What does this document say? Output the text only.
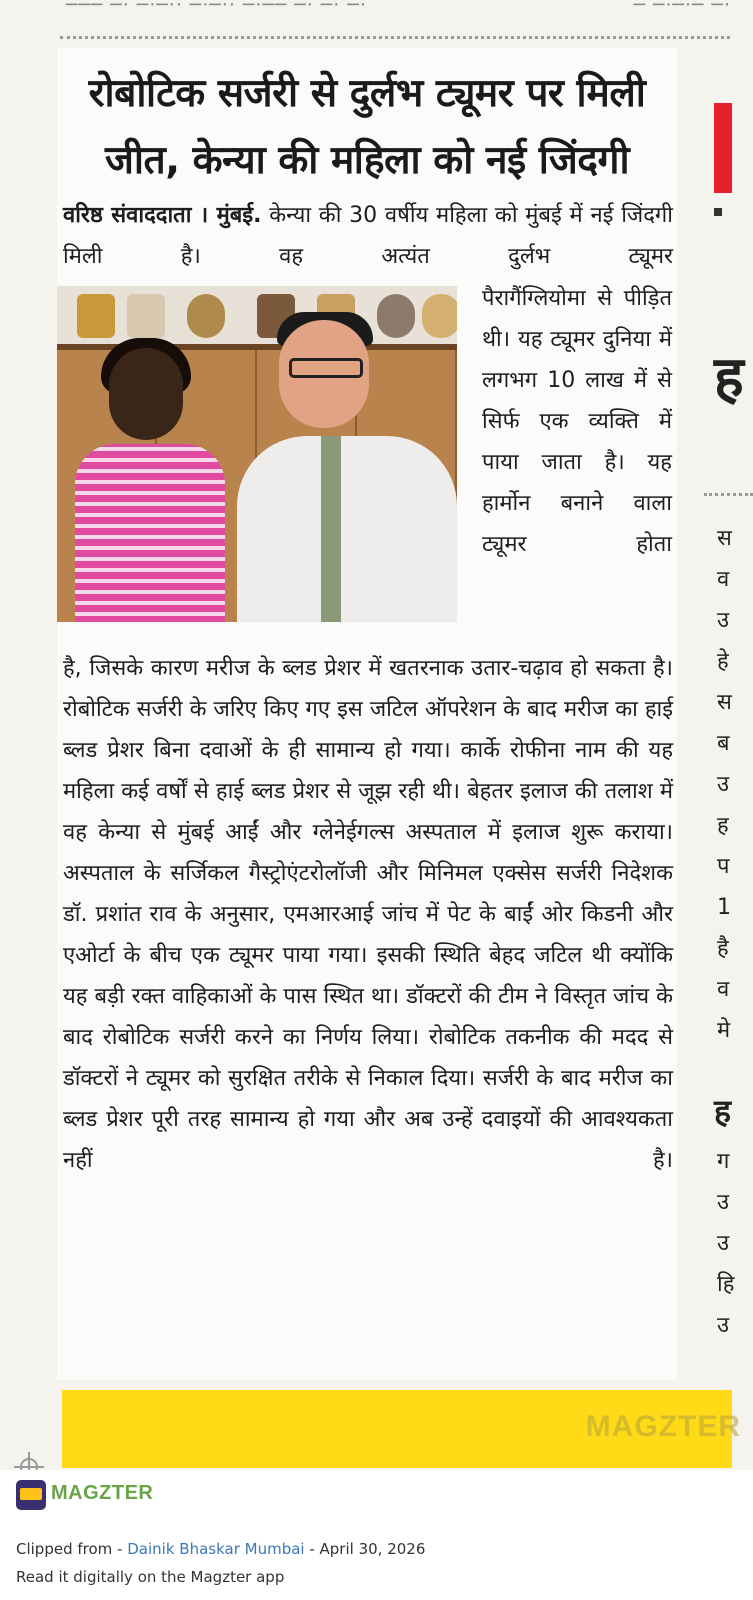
─── ─· ─·─·· ─·─·· ─·── ─· ─· ─·	─ ─·─·─ ─·
रोबोटिक सर्जरी से दुर्लभ ट्यूमर पर मिली
जीत, केन्या की महिला को नई जिंदगी
वरिष्ठ संवाददाता । मुंबई. केन्या की 30 वर्षीय महिला को मुंबई में नई जिंदगी मिली है। वह अत्यंत दुर्लभ ट्यूमर
पैरागैंग्लियोमा से पीड़ित थी। यह ट्यूमर दुनिया में लगभग 10 लाख में से सिर्फ एक व्यक्ति में पाया जाता है। यह हार्मोन बनाने वाला ट्यूमर होता
है, जिसके कारण मरीज के ब्लड प्रेशर में खतरनाक उतार-चढ़ाव हो सकता है। रोबोटिक सर्जरी के जरिए किए गए इस जटिल ऑपरेशन के बाद मरीज का हाई ब्लड प्रेशर बिना दवाओं के ही सामान्य हो गया। कार्के रोफीना नाम की यह महिला कई वर्षों से हाई ब्लड प्रेशर से जूझ रही थी। बेहतर इलाज की तलाश में वह केन्या से मुंबई आईं और ग्लेनेईगल्स अस्पताल में इलाज शुरू कराया। अस्पताल के सर्जिकल गैस्ट्रोएंटरोलॉजी और मिनिमल एक्सेस सर्जरी निदेशक डॉ. प्रशांत राव के अनुसार, एमआरआई जांच में पेट के बाईं ओर किडनी और एओर्टा के बीच एक ट्यूमर पाया गया। इसकी स्थिति बेहद जटिल थी क्योंकि यह बड़ी रक्त वाहिकाओं के पास स्थित था। डॉक्टरों की टीम ने विस्तृत जांच के बाद रोबोटिक सर्जरी करने का निर्णय लिया। रोबोटिक तकनीक की मदद से डॉक्टरों ने ट्यूमर को सुरक्षित तरीके से निकाल दिया। सर्जरी के बाद मरीज का ब्लड प्रेशर पूरी तरह सामान्य हो गया और अब उन्हें दवाइयों की आवश्यकता नहीं है।
ह
स
व
उ
हे
स
ब
उ
ह
प
1
है
व
मे
ह
ग
उ
उ
हि
उ
MAGZTER
MAGZTER
Clipped from - Dainik Bhaskar Mumbai - April 30, 2026
Read it digitally on the Magzter app
